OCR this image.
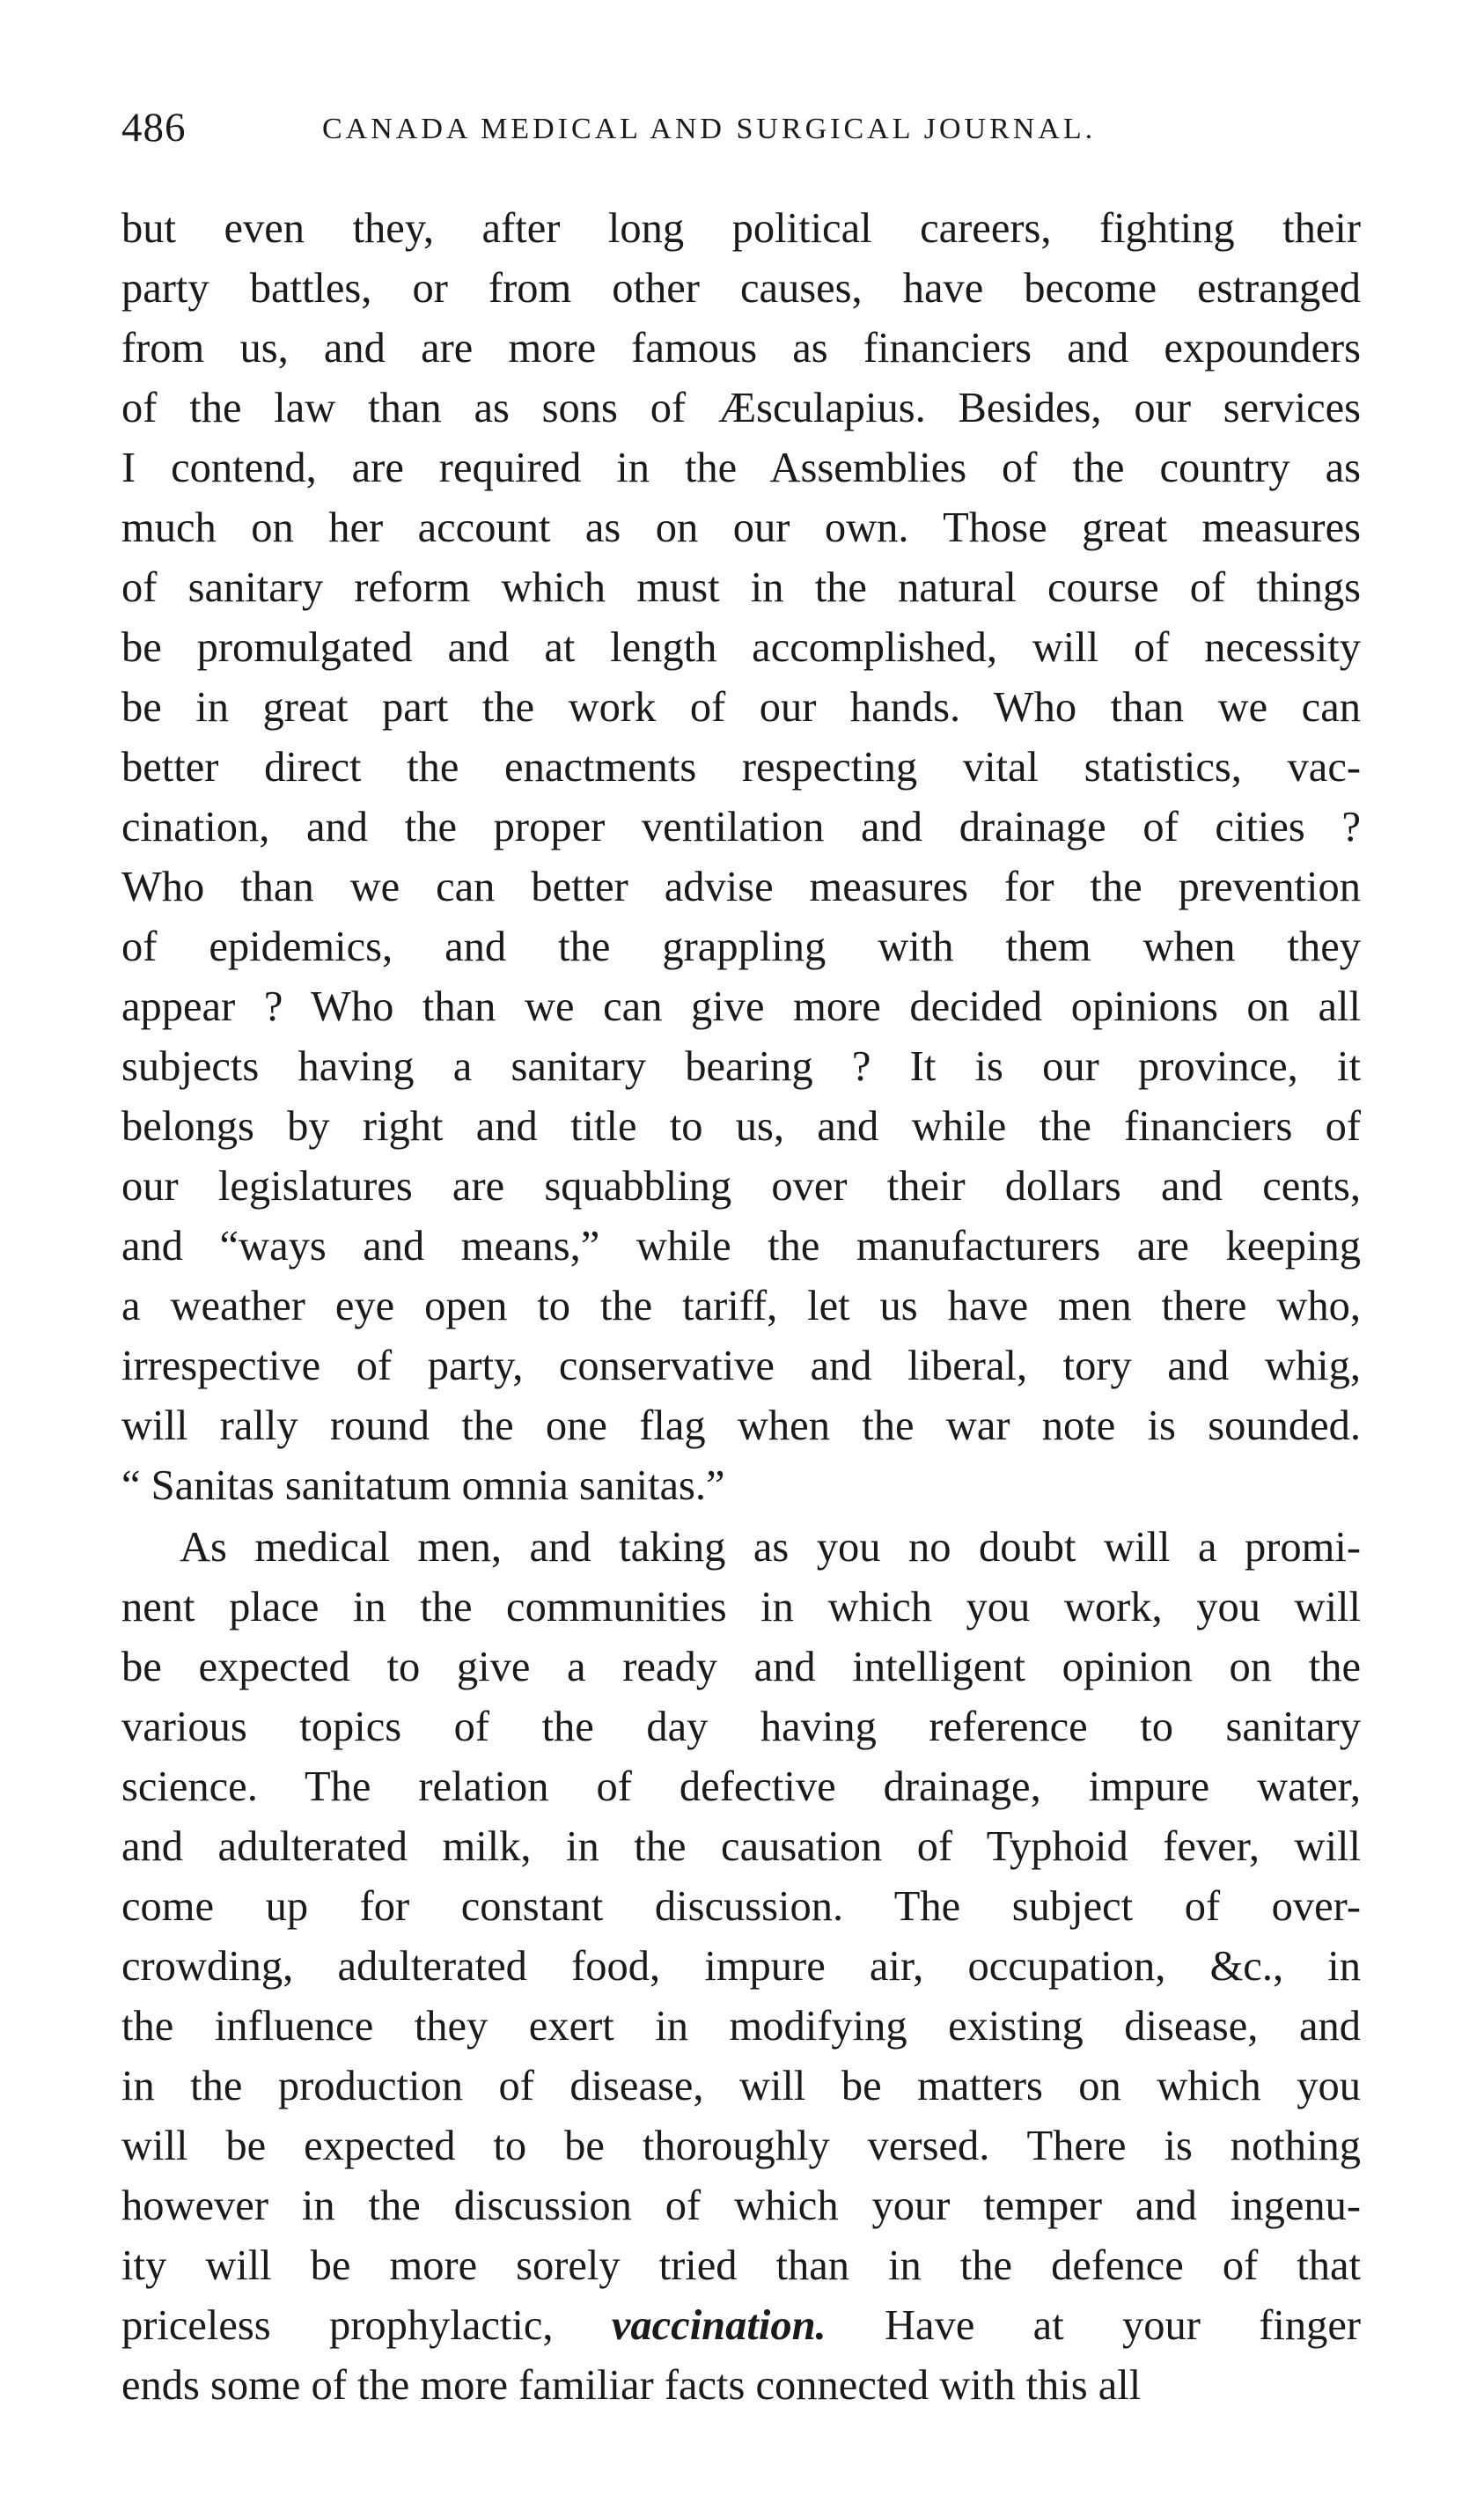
486	CANADA MEDICAL AND SURGICAL JOURNAL.
but even they, after long political careers, fighting their
party battles, or from other causes, have become estranged
from us, and are more famous as financiers and expounders
of the law than as sons of Æsculapius. Besides, our services
I contend, are required in the Assemblies of the country as
much on her account as on our own. Those great measures
of sanitary reform which must in the natural course of things
be promulgated and at length accomplished, will of necessity
be in great part the work of our hands. Who than we can
better direct the enactments respecting vital statistics, vac-
cination, and the proper ventilation and drainage of cities ?
Who than we can better advise measures for the prevention
of epidemics, and the grappling with them when they
appear ? Who than we can give more decided opinions on all
subjects having a sanitary bearing ? It is our province, it
belongs by right and title to us, and while the financiers of
our legislatures are squabbling over their dollars and cents,
and “ways and means,” while the manufacturers are keeping
a weather eye open to the tariff, let us have men there who,
irrespective of party, conservative and liberal, tory and whig,
will rally round the one flag when the war note is sounded.
“ Sanitas sanitatum omnia sanitas.”
As medical men, and taking as you no doubt will a promi-
nent place in the communities in which you work, you will
be expected to give a ready and intelligent opinion on the
various topics of the day having reference to sanitary
science. The relation of defective drainage, impure water,
and adulterated milk, in the causation of Typhoid fever, will
come up for constant discussion. The subject of over-
crowding, adulterated food, impure air, occupation, &c., in
the influence they exert in modifying existing disease, and
in the production of disease, will be matters on which you
will be expected to be thoroughly versed. There is nothing
however in the discussion of which your temper and ingenu-
ity will be more sorely tried than in the defence of that
priceless prophylactic, vaccination. Have at your finger
ends some of the more familiar facts connected with this all
